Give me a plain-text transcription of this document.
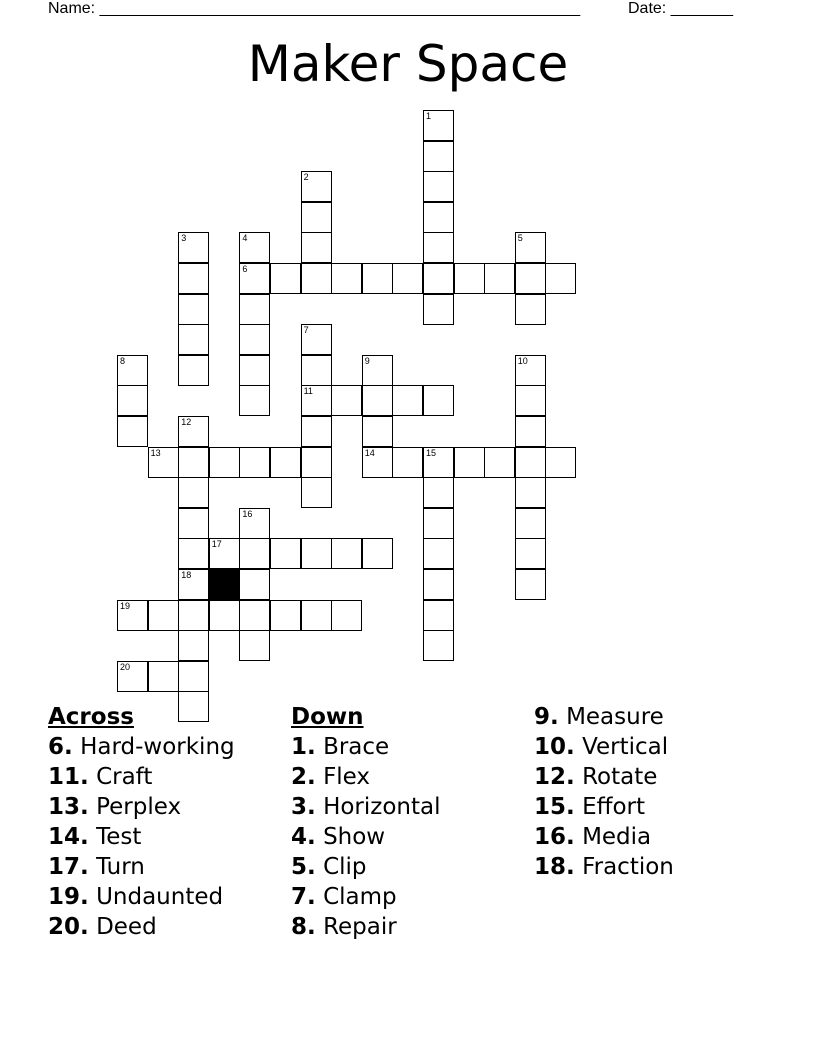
Name: ______________________________________________________	Date: _______
Maker Space
1
2
3	4
6
5
7
11
8	9
14
10
12
18
13	15
16
17
19
20
Across
6. Hard-working
11. Craft
13. Perplex
14. Test
17. Turn
19. Undaunted
20. Deed
Down
1. Brace
2. Flex
3. Horizontal
4. Show
5. Clip
7. Clamp
8. Repair
9. Measure
10. Vertical
12. Rotate
15. Effort
16. Media
18. Fraction
